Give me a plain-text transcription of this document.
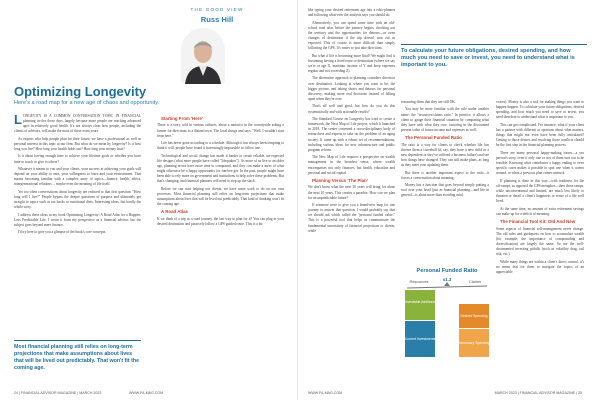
THE GOOD VIEW
Russ Hill
Optimizing Longevity
Here's a road map for a new age of chaos and opportunity.

LONGEVITY IS A COMMON CONVERSATION TOPIC IN FINANCIAL planning circles these days, largely because more people are reaching advanced ages in relatively good health. It's not always clear how people, including the clients of advisors, will make the most of these extra years.

As experts who help people plan for their future, we have a professional as well as personal interest in this topic at our firm. But what do we mean by longevity? Is it how long you live? How long your health holds out? How long your money lasts?

Is it about having enough time to achieve your lifetime goals or whether you have time to touch or give to others?

Whatever it means to you and your clients, your success at achieving your goals will depend on your ability to earn, your willingness to learn and your environment. That means becoming familiar with a complex array of topics—finance, health, ethics, intergenerational relations ... maybe even the meaning of life itself.

Yet too often conversations about longevity are reduced to that first question: "How long will I live?" People bypass the deeper questions of purpose and ultimately get straight to topics such as tax hacks or nutritional diets. Interesting ideas, but hardly the whole story.

I address these ideas in my book Optimizing Longevity: A Road Atlas for a Happier, Less Predictable Life. I wrote it from my perspective as a financial advisor, but the subject goes beyond mere finance.

I'd try here to give you a glimpse of the book's core concepts.

Most financial planning still relies on long-term projections that make assumptions about lives that will be lived out predictably. That won't fit the coming age.

Starting From 'Here'

There is a story, told in various cultures, about a motorist in the countryside asking a farmer for directions to a distant town. The local shrugs and says, "Well, I wouldn't start from here."

Life has never gone according to a schedule. Although it has always been tempting to think it will, people have found it increasingly impossible to follow one.

Technological and social change has made it harder to create reliable, un-expected life designs (what more people have called "lifequakes"). As more of us live to an older age, planning errors have more time to compound, and they can make a mess of what might otherwise be a happy opportunity for fun-bee ger. In the past, people might have been able to rely more on government and institutions to help solve these problems. But that's changing, and financial planners will need to step up the slack.

Before we can start helping our clients, we have some work to do on our own processes. Most financial planning still relies on long-term projections that make assumptions about lives that will be lived out predictably. That kind of thinking won't fit the coming age.

A Road Atlas

If we think of a trip as a road journey, the last way to plan for it? You can plug in your desired destination and passively follow a GPS-guided route. This is a bit

24 | FINANCIAL ADVISOR MAGAZINE | MARCH 2023	WWW.FA-MAG.COM

like typing your desired retirement age into a robo-planner and following what-ever the analysis says you should do.

Alternatively, you can spend some time with an old-school road atlas before the journey begins, checking out the territory and the opportunities for detours—or even changes of destination if the trip doesn't turn out as expected. This of course is more difficult than simply following the GPS. It's easier to just take directions.

But what if life is becoming more fluid? We might find it frustrating having a fixed route or destination (where we say we're at age X, maintain income of Y and keep expenses regular and not exceeding Z).

The alternative approach to planning considers direction over destination. Looking at where you want to be, the bigger picture, and taking shorts and detours for personal discovery, making more real decisions instead of falling apart when they're over.

That's all well and good, but how do you do this systematically and with actionable results?

The Standard Course on Longevity has tried to create a framework, the Next Map of Life project, which it launched in 2018. The center convened a cross-disciplinary body of researchers and experts to take on the problem of an aging society. It came up with a robust set of recommendations, including various ideas for new infrastructure and public program reform.

The New Map of Life requires a perspective on wealth management in the broadest sense, where wealth encompasses not only finances, but health, education and personal and social capital.

Planning Versus 'The Plan'

We don't know what the next 30 years will bring, let alone the next 10 years. This creates a paradox: How can we plan for an unpredictable future?

If someone were to give you a brand-new map for one journey to answer that question, I would probably say that we should ask which called the "personal funded value." This is a powerful tool that helps us communicate the fundamental uncertainty of financial projections to clients, while

To calculate your future obligations, desired spending, and how much you need to save or invest, you need to understand what is important to you.

reassuring them that they are still OK.

You may be more familiar with the rule under another name: the "resources/claims ratio." In practice, it allows a client to gauge their financial situation by comparing what they have with what they owe, factoring in the discounted present value of future income and expenses as well.

The Personal Funded Ratio

The ratio is a way for clients to check whether life has thrown them a curveball (if, say, they have a new child or a new dependent or they've suffered a business failure) and see how things have changed. They can still make plans, as long as they meet your updating them.

But there is another important aspect to the ratio—it forces a conversation about meaning.

Money has a function that goes beyond simply putting a roof over your head (just as financial planning—and life in general—is about more than avoiding ruin).

Personal Funded Ratio
Resources	Claims
x1.3
Investable Additions
Current Investments
Desired Spending
Necessary Spending

voices). Money is also a tool for making things you want to happen happen. To calculate your future obligations, desired spending, and how much you need to save or invest, you need therefore to understand what is important to you.

This can get complicated. For instance, what if your client has a partner with different or opinions about what matters, things that might not even have been fully articulated? Getting to those desires and resolving those conflicts should be the first step in the financial planning process.

There are many personal happy-making issues—a yes person's story, even if only one or two of them turn out to be feasible. Knowing what contributes a happy ending to even specific cases makes it possible to spot one when it comes around, or when a previous plan comes unstuck.

If planning is done in this way—with readiness for the off-ramps, as opposed the GPS metaphor—then those ramps, while unconventional and limited, are much less likely to threaten or derail a client's happiness or sense of a life well lived.

At the same time, no amount of extra retirement savings can make up for a deficit of meaning.

The Financial Tool Kit: Old And New

Some aspects of financial self-management never change. The old rules and guideposts on how to accumulate wealth (for example, the importance of compounding and diversification) are largely the same. So are the well-documented investing pitfalls (such as volatility drag, tail risk, etc.).

While many things are within a client's direct control, it's no mean feat for them to navigate the topics of an appreciable

WWW.FA-MAG.COM	MARCH 2023 | FINANCIAL ADVISOR MAGAZINE | 25
